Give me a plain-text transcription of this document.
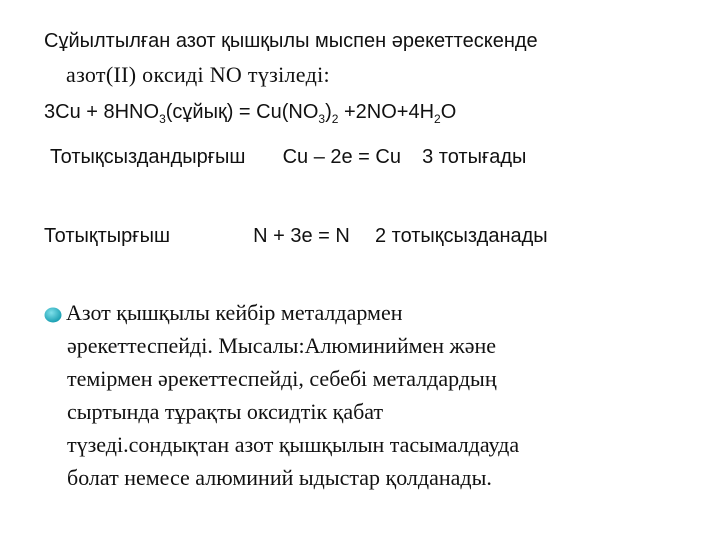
Сұйылтылған азот қышқылы мыспен әрекеттескенде
азот(II) оксиді NO түзіледі:
$3Cu + 8HNO_3(сұйық) = Cu(NO_3)_2 +2NO+4H_2O$
Тотықсыздандырғыш Cu – 2e = Cu 3 тотығады
Тотықтырғыш	N + 3e = N 2 тотықсызданады
Азот қышқылы кейбір металдармен
әрекеттеспейді. Мысалы:Алюминиймен және
темірмен әрекеттеспейді, себебі металдардың
сыртында тұрақты оксидтік қабат
түзеді.сондықтан азот қышқылын тасымалдауда
болат немесе алюминий ыдыстар қолданады.
